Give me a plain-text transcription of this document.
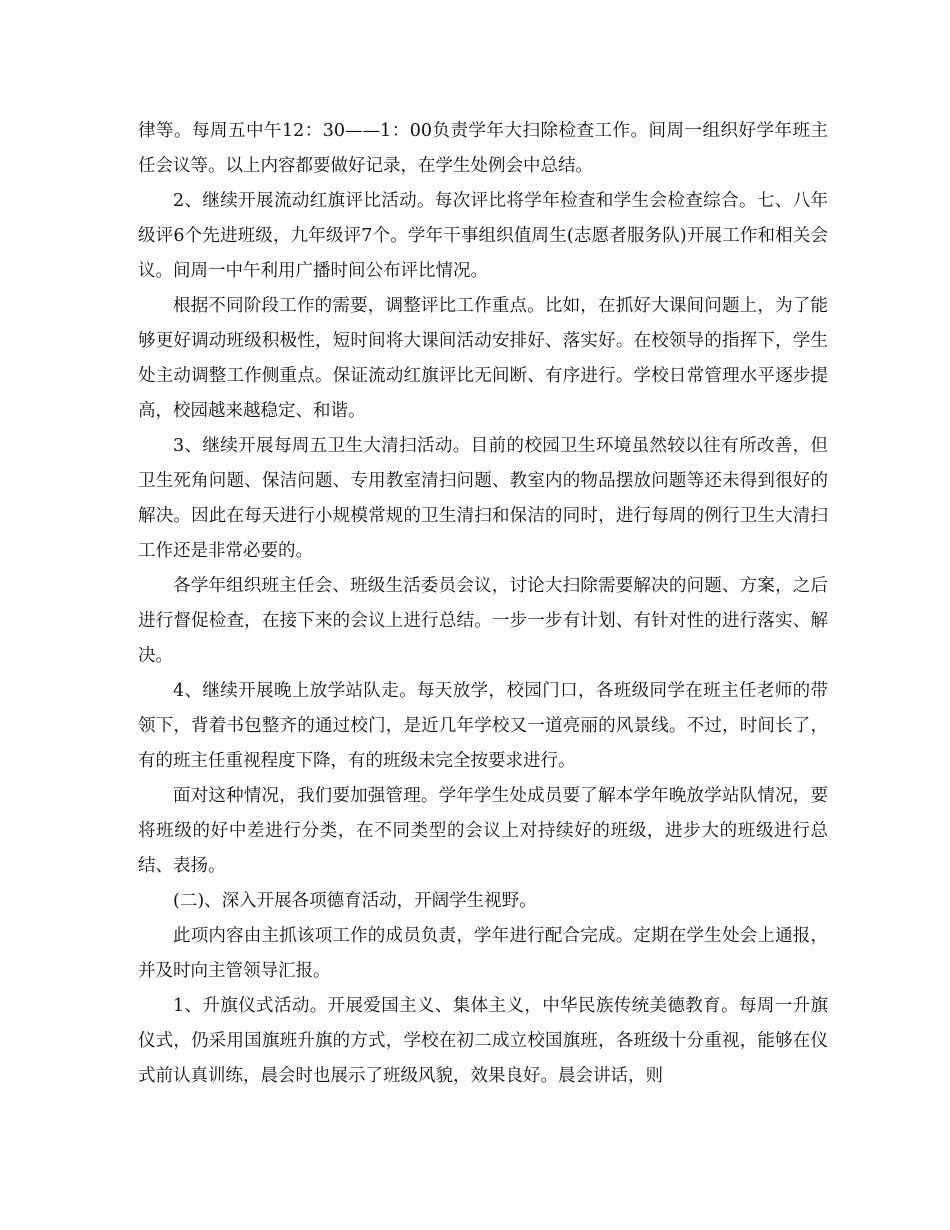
律等。每周五中午12：30——1：00负责学年大扫除检查工作。间周一组织好学年班主任会议等。以上内容都要做好记录，在学生处例会中总结。

2、继续开展流动红旗评比活动。每次评比将学年检查和学生会检查综合。七、八年级评6个先进班级，九年级评7个。学年干事组织值周生(志愿者服务队)开展工作和相关会议。间周一中午利用广播时间公布评比情况。

根据不同阶段工作的需要，调整评比工作重点。比如，在抓好大课间问题上，为了能够更好调动班级积极性，短时间将大课间活动安排好、落实好。在校领导的指挥下，学生处主动调整工作侧重点。保证流动红旗评比无间断、有序进行。学校日常管理水平逐步提高，校园越来越稳定、和谐。

3、继续开展每周五卫生大清扫活动。目前的校园卫生环境虽然较以往有所改善，但卫生死角问题、保洁问题、专用教室清扫问题、教室内的物品摆放问题等还未得到很好的解决。因此在每天进行小规模常规的卫生清扫和保洁的同时，进行每周的例行卫生大清扫工作还是非常必要的。

各学年组织班主任会、班级生活委员会议，讨论大扫除需要解决的问题、方案，之后进行督促检查，在接下来的会议上进行总结。一步一步有计划、有针对性的进行落实、解决。

4、继续开展晚上放学站队走。每天放学，校园门口，各班级同学在班主任老师的带领下，背着书包整齐的通过校门，是近几年学校又一道亮丽的风景线。不过，时间长了，有的班主任重视程度下降，有的班级未完全按要求进行。

面对这种情况，我们要加强管理。学年学生处成员要了解本学年晚放学站队情况，要将班级的好中差进行分类，在不同类型的会议上对持续好的班级，进步大的班级进行总结、表扬。

(二)、深入开展各项德育活动，开阔学生视野。

此项内容由主抓该项工作的成员负责，学年进行配合完成。定期在学生处会上通报，并及时向主管领导汇报。

1、升旗仪式活动。开展爱国主义、集体主义，中华民族传统美德教育。每周一升旗仪式，仍采用国旗班升旗的方式，学校在初二成立校国旗班，各班级十分重视，能够在仪式前认真训练，晨会时也展示了班级风貌，效果良好。晨会讲话，则
